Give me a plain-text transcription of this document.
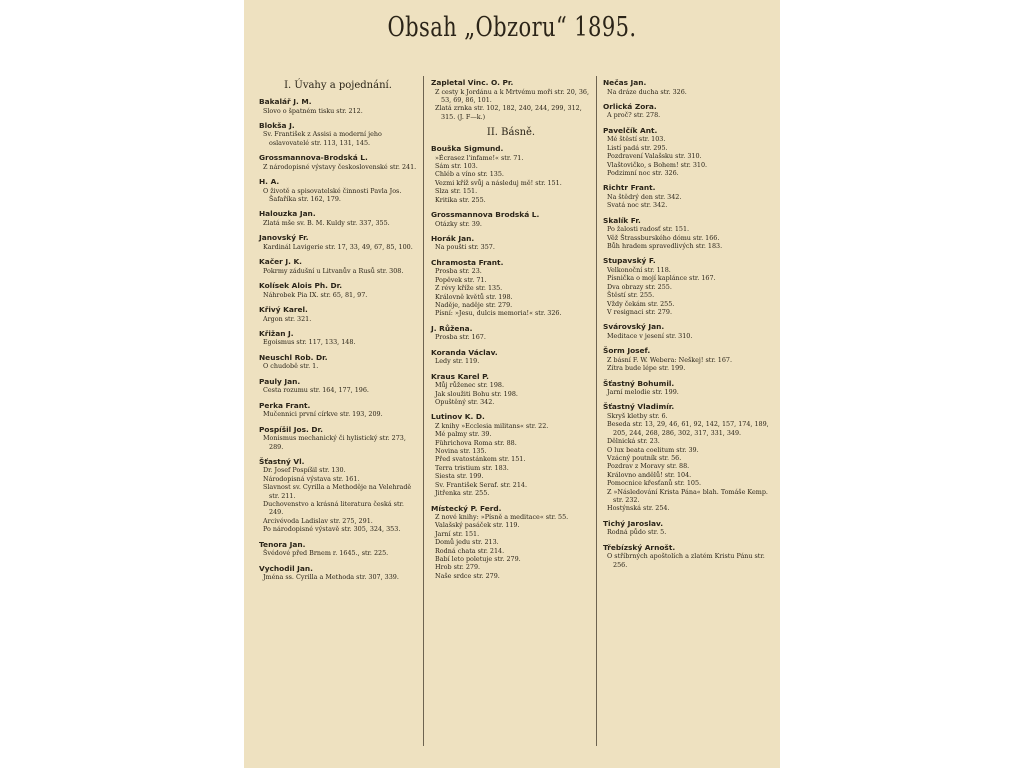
Obsah „Obzoru“ 1895.
I. Úvahy a pojednání.
Bakalář J. M.
Slovo o špatném tisku str. 212.
Blokša J.
Sv. František z Assisi a moderní jeho oslavovatelé str. 113, 131, 145.
Grossmannova-Brodská L.
Z národopisné výstavy československé str. 241.
H. A.
O životě a spisovatelské činnosti Pavla Jos. Šafaříka str. 162, 179.
Halouzka Jan.
Zlatá mše sv. B. M. Kuldy str. 337, 355.
Janovský Fr.
Kardinál Lavigerie str. 17, 33, 49, 67, 85, 100.
Kačer J. K.
Pokrmy zádušní u Litvanův a Rusů str. 308.
Kolísek Alois Ph. Dr.
Náhrobek Pia IX. str. 65, 81, 97.
Křivý Karel.
Argon str. 321.
Křižan J.
Egoismus str. 117, 133, 148.
Neuschl Rob. Dr.
O chudobě str. 1.
Pauly Jan.
Cesta rozumu str. 164, 177, 196.
Perka Frant.
Mučennici první církve str. 193, 209.
Pospíšil Jos. Dr.
Monismus mechanický či hylistický str. 273, 289.
Šťastný Vl.
Dr. Josef Pospíšil str. 130.
Národopisná výstava str. 161.
Slavnost sv. Cyrilla a Methoděje na Velehradě str. 211.
Duchovenstvo a krásná literatura česká str. 249.
Arcivévoda Ladislav str. 275, 291.
Po národopisné výstavě str. 305, 324, 353.
Tenora Jan.
Švédové před Brnem r. 1645., str. 225.
Vychodil Jan.
Jména ss. Cyrilla a Methoda str. 307, 339.
Zapletal Vinc. O. Pr.
Z cesty k Jordánu a k Mrtvému moři str. 20, 36, 53, 69, 86, 101.
Zlatá zrnka str. 102, 182, 240, 244, 299, 312, 315. (J. F—k.)
II. Básně.
Bouška Sigmund.
»Écrasez l'infame!« str. 71.
Sám str. 103.
Chléb a víno str. 135.
Vezmi kříž svůj a následuj mě! str. 151.
Slza str. 151.
Kritika str. 255.
Grossmannova Brodská L.
Otázky str. 39.
Horák Jan.
Na poušti str. 357.
Chramosta Frant.
Prosba str. 23.
Popěvek str. 71.
Z révy kříže str. 135.
Královně květů str. 198.
Naděje, naděje str. 279.
Písní: »Jesu, dulcis memoria!« str. 326.
J. Růžena.
Prosba str. 167.
Koranda Václav.
Ledy str. 119.
Kraus Karel P.
Můj růženec str. 198.
Jak sloužiti Bohu str. 198.
Opuštěný str. 342.
Lutinov K. D.
Z knihy »Ecclesia militans« str. 22.
Mé palmy str. 39.
Führichova Roma str. 88.
Novina str. 135.
Před svatostánkem str. 151.
Terra tristium str. 183.
Siesta str. 199.
Sv. František Seraf. str. 214.
Jitřenka str. 255.
Místecký P. Ferd.
Z nové knihy: »Písně a meditace« str. 55.
Valašský pasáček str. 119.
Jarní str. 151.
Domů jedu str. 213.
Rodná chata str. 214.
Babí leto poletuje str. 279.
Hrob str. 279.
Naše srdce str. 279.
Nečas Jan.
Na dráze ducha str. 326.
Orlická Zora.
A proč? str. 278.
Pavelčík Ant.
Mé štěstí str. 103.
Listí padá str. 295.
Pozdravení Valašsku str. 310.
Vlaštovičko, s Bohem! str. 310.
Podzimní noc str. 326.
Richtr Frant.
Na štědrý den str. 342.
Svatá noc str. 342.
Skalík Fr.
Po žalosti radosť str. 151.
Věž Štrassburského dómu str. 166.
Bůh hradem spravedlivých str. 183.
Stupavský F.
Velkonoční str. 118.
Písnička o mojí kaplánce str. 167.
Dva obrazy str. 255.
Štěstí str. 255.
Vždy čekám str. 255.
V resignaci str. 279.
Svárovský Jan.
Meditace v jesení str. 310.
Šorm Josef.
Z básní F. W. Webera: Neškej! str. 167.
Zítra bude lépe str. 199.
Šťastný Bohumil.
Jarní melodie str. 199.
Šťastný Vladimír.
Skryš kletby str. 6.
Beseda str. 13, 29, 46, 61, 92, 142, 157, 174, 189, 205, 244, 268, 286, 302, 317, 331, 349.
Dělnická str. 23.
O lux beata coelitum str. 39.
Vzácný poutník str. 56.
Pozdrav z Moravy str. 88.
Královno andělů! str. 104.
Pomocnice křesťanů str. 105.
Z »Následování Krista Pána« blah. Tomáše Kemp. str. 232.
Hostýnská str. 254.
Tichý Jaroslav.
Rodná půdo str. 5.
Třebízský Arnošt.
O stříbrných apoštolích a zlatém Kristu Pánu str. 256.
